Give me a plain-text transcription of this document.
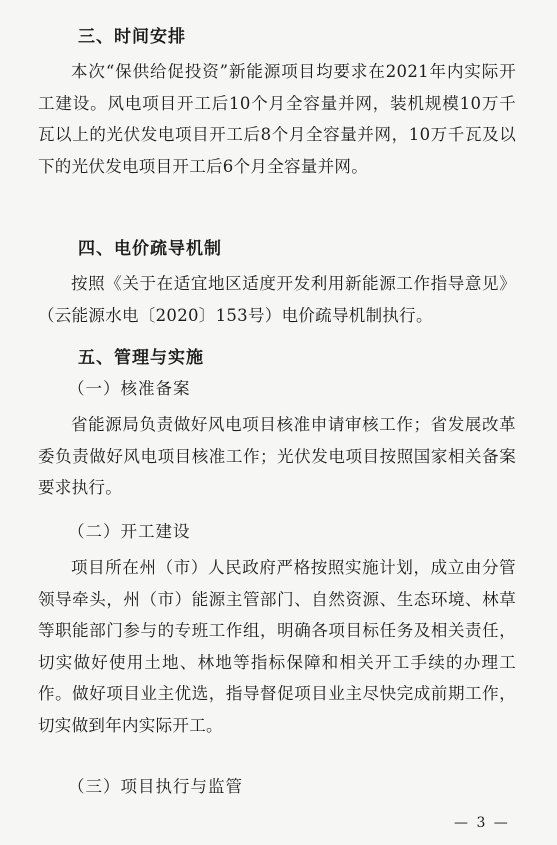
三、时间安排
本次“保供给促投资”新能源项目均要求在2021年内实际开工建设。风电项目开工后10个月全容量并网，装机规模10万千瓦以上的光伏发电项目开工后8个月全容量并网，10万千瓦及以下的光伏发电项目开工后6个月全容量并网。
四、电价疏导机制
按照《关于在适宜地区适度开发利用新能源工作指导意见》（云能源水电〔2020〕153号）电价疏导机制执行。
五、管理与实施
（一）核准备案
省能源局负责做好风电项目核准申请审核工作；省发展改革委负责做好风电项目核准工作；光伏发电项目按照国家相关备案要求执行。
（二）开工建设
项目所在州（市）人民政府严格按照实施计划，成立由分管领导牵头，州（市）能源主管部门、自然资源、生态环境、林草等职能部门参与的专班工作组，明确各项目标任务及相关责任，切实做好使用土地、林地等指标保障和相关开工手续的办理工作。做好项目业主优选，指导督促项目业主尽快完成前期工作，切实做到年内实际开工。
（三）项目执行与监管
— 3 —
